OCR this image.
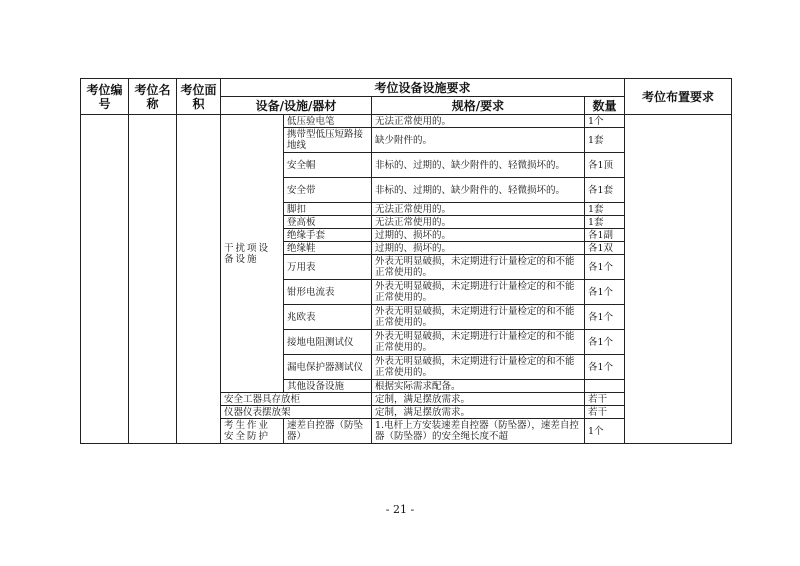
考位编号	考位名称	考位面积	考位设备设施要求				考位布置要求
			设备/设施/器材		规格/要求	数量	
			干扰项设备设施	低压验电笔	无法正常使用的。	1个	
				携带型低压短路接地线	缺少附件的。	1套	
				安全帽	非标的、过期的、缺少附件的、轻微损坏的。	各1顶	
				安全带	非标的、过期的、缺少附件的、轻微损坏的。	各1套	
				脚扣	无法正常使用的。	1套	
				登高板	无法正常使用的。	1套	
				绝缘手套	过期的、损坏的。	各1副	
				绝缘鞋	过期的、损坏的。	各1双	
				万用表	外表无明显破损，未定期进行计量检定的和不能正常使用的。	各1个	
				钳形电流表	外表无明显破损，未定期进行计量检定的和不能正常使用的。	各1个	
				兆欧表	外表无明显破损，未定期进行计量检定的和不能正常使用的。	各1个	
				接地电阻测试仪	外表无明显破损，未定期进行计量检定的和不能正常使用的。	各1个	
				漏电保护器测试仪	外表无明显破损，未定期进行计量检定的和不能正常使用的。	各1个	
				其他设备设施	根据实际需求配备。		
			安全工器具存放柜		定制，满足摆放需求。	若干	
			仪器仪表摆放架		定制，满足摆放需求。	若干	
			考生作业安全防护	速差自控器（防坠器）	1.电杆上方安装速差自控器（防坠器），速差自控器（防坠器）的安全绳长度不超	1个	
- 21 -
